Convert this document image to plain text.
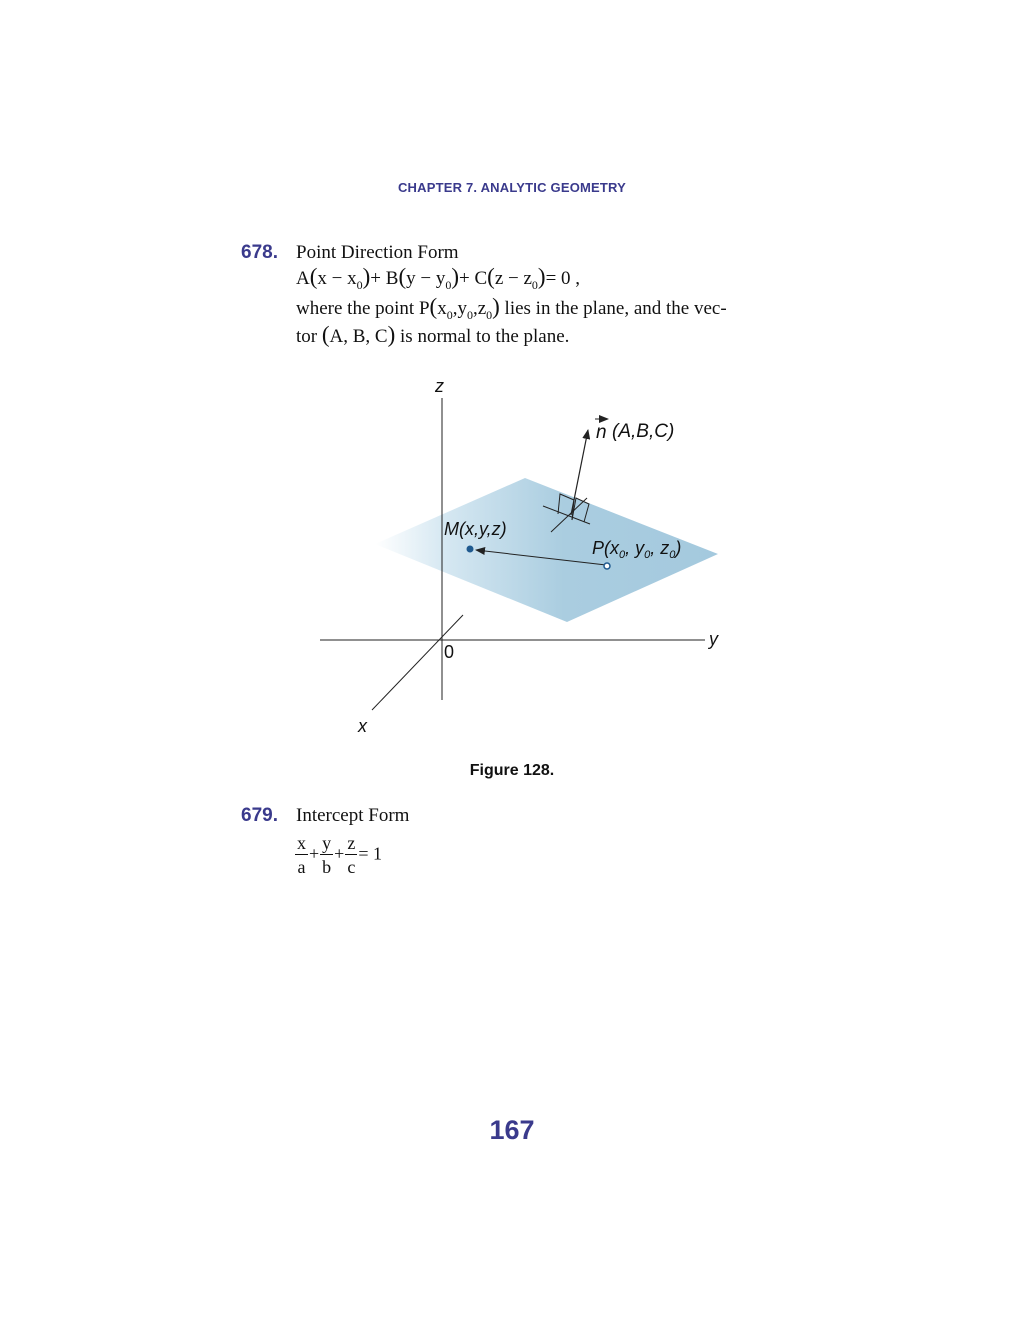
CHAPTER 7. ANALYTIC GEOMETRY
678. Point Direction Form
$A(x - x_0)+ B(y - y_0)+ C(z - z_0)= 0$ ,
where the point $P(x_0,y_0,z_0)$ lies in the plane, and the vec-
tor (A, B, C) is normal to the plane.
z
y
x
0
n (A,B,C)
M(x,y,z)
$P(x_0$, $y_0$, $z_0$)
Figure 128.
679. Intercept Form
$\frac{x}{a} + \frac{y}{b} + \frac{z}{c} = 1$
167
